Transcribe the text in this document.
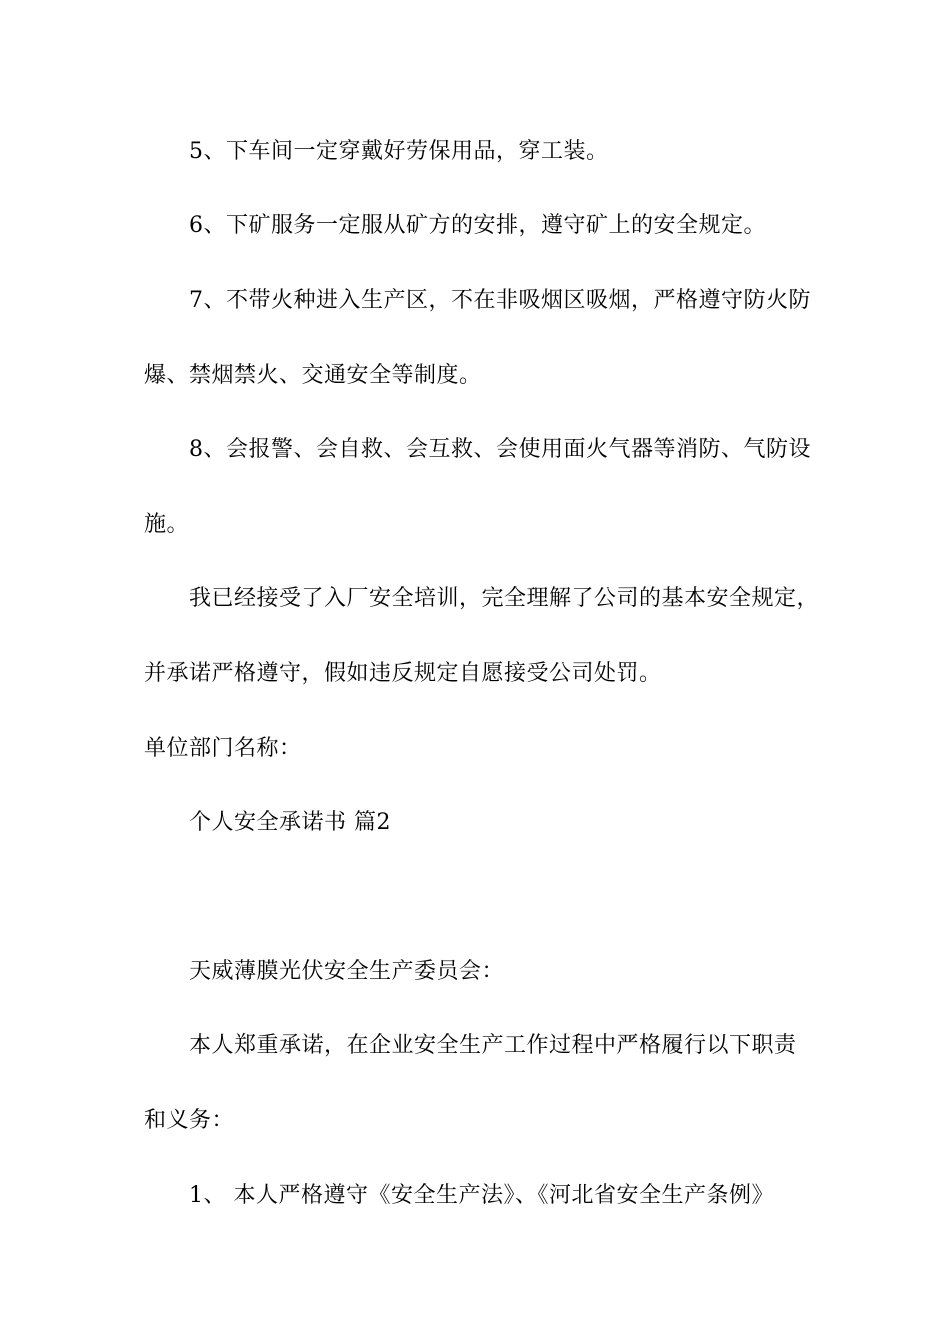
5、下车间一定穿戴好劳保用品，穿工装。
6、下矿服务一定服从矿方的安排，遵守矿上的安全规定。
7、不带火种进入生产区，不在非吸烟区吸烟，严格遵守防火防
爆、禁烟禁火、交通安全等制度。
8、会报警、会自救、会互救、会使用面火气器等消防、气防设
施。
我已经接受了入厂安全培训，完全理解了公司的基本安全规定，
并承诺严格遵守，假如违反规定自愿接受公司处罚。
单位部门名称：
个人安全承诺书 篇2
天威薄膜光伏安全生产委员会：
本人郑重承诺，在企业安全生产工作过程中严格履行以下职责
和义务：
1、 本人严格遵守《安全生产法》、《河北省安全生产条例》
